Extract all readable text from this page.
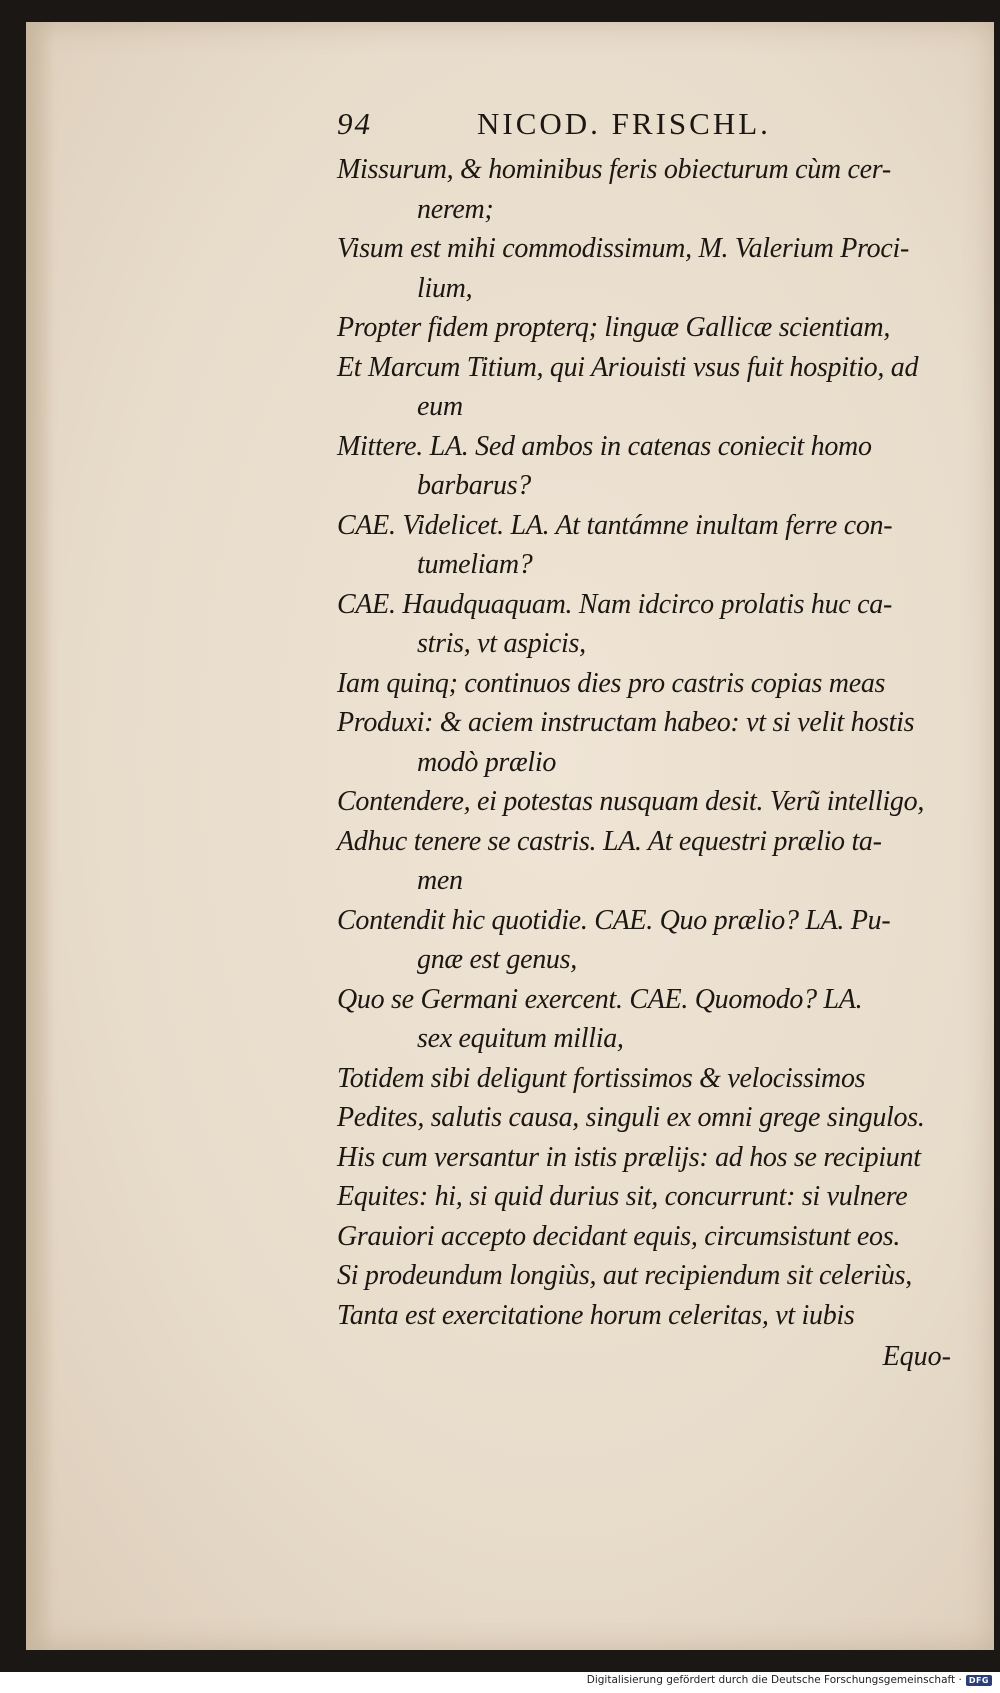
94	NICOD. FRISCHL.
Missurum, & hominibus feris obiecturum cùm cer-
nerem;
Visum est mihi commodissimum, M. Valerium Proci-
lium,
Propter fidem propterq; linguæ Gallicæ scientiam,
Et Marcum Titium, qui Ariouisti vsus fuit hospitio, ad
eum
Mittere. LA. Sed ambos in catenas coniecit homo
barbarus?
CAE. Videlicet. LA. At tantámne inultam ferre con-
tumeliam?
CAE. Haudquaquam. Nam idcirco prolatis huc ca-
stris, vt aspicis,
Iam quinq; continuos dies pro castris copias meas
Produxi: & aciem instructam habeo: vt si velit hostis
modò prælio
Contendere, ei potestas nusquam desit. Verũ intelligo,
Adhuc tenere se castris. LA. At equestri prælio ta-
men
Contendit hic quotidie. CAE. Quo prælio? LA. Pu-
gnæ est genus,
Quo se Germani exercent. CAE. Quomodo? LA.
sex equitum millia,
Totidem sibi deligunt fortissimos & velocissimos
Pedites, salutis causa, singuli ex omni grege singulos.
His cum versantur in istis prælijs: ad hos se recipiunt
Equites: hi, si quid durius sit, concurrunt: si vulnere
Grauiori accepto decidant equis, circumsistunt eos.
Si prodeundum longiùs, aut recipiendum sit celeriùs,
Tanta est exercitatione horum celeritas, vt iubis
Equo-
Digitalisierung gefördert durch die Deutsche Forschungsgemeinschaft · DFG
